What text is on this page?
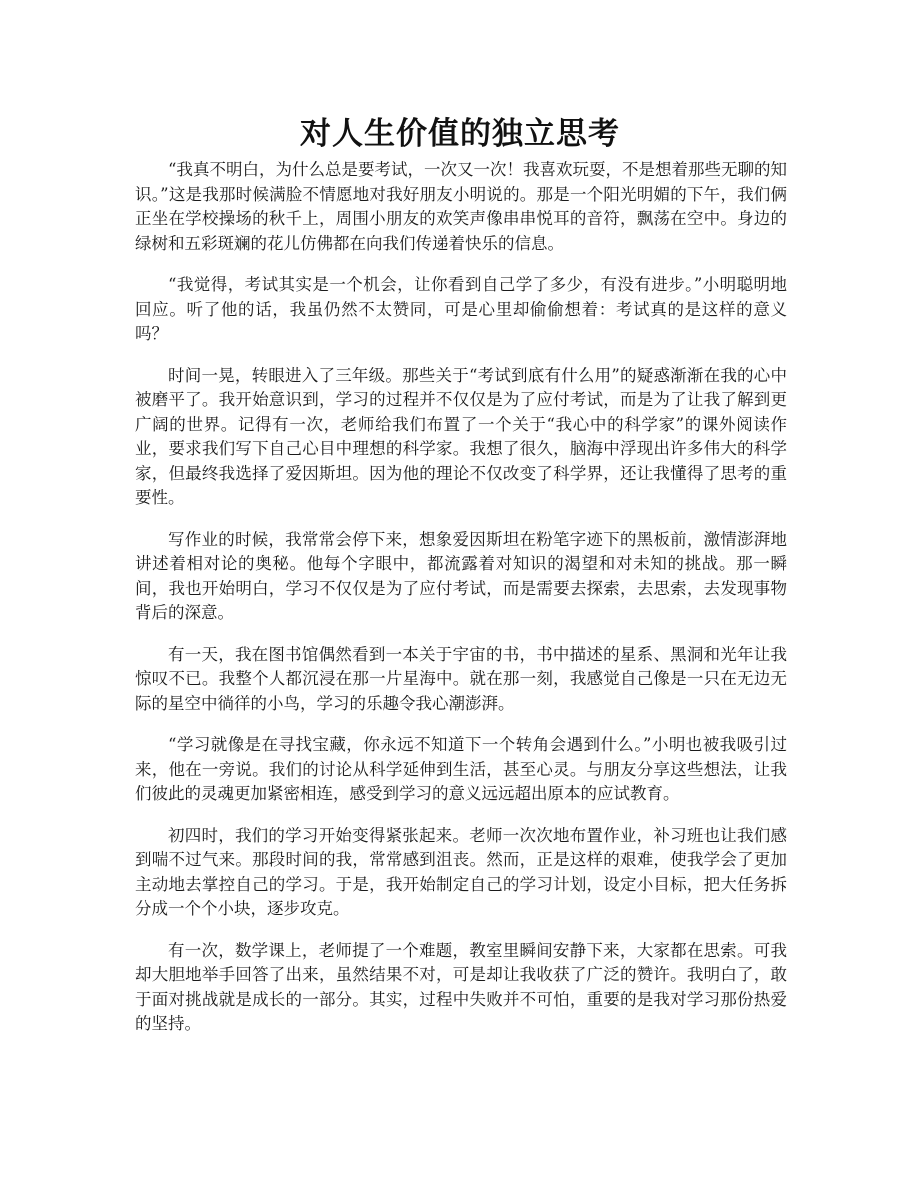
对人生价值的独立思考

“我真不明白，为什么总是要考试，一次又一次！我喜欢玩耍，不是想着那些无聊的知识。”这是我那时候满脸不情愿地对我好朋友小明说的。那是一个阳光明媚的下午，我们俩正坐在学校操场的秋千上，周围小朋友的欢笑声像串串悦耳的音符，飘荡在空中。身边的绿树和五彩斑斓的花儿仿佛都在向我们传递着快乐的信息。

“我觉得，考试其实是一个机会，让你看到自己学了多少，有没有进步。”小明聪明地回应。听了他的话，我虽仍然不太赞同，可是心里却偷偷想着：考试真的是这样的意义吗？

时间一晃，转眼进入了三年级。那些关于“考试到底有什么用”的疑惑渐渐在我的心中被磨平了。我开始意识到，学习的过程并不仅仅是为了应付考试，而是为了让我了解到更广阔的世界。记得有一次，老师给我们布置了一个关于“我心中的科学家”的课外阅读作业，要求我们写下自己心目中理想的科学家。我想了很久，脑海中浮现出许多伟大的科学家，但最终我选择了爱因斯坦。因为他的理论不仅改变了科学界，还让我懂得了思考的重要性。

写作业的时候，我常常会停下来，想象爱因斯坦在粉笔字迹下的黑板前，激情澎湃地讲述着相对论的奥秘。他每个字眼中，都流露着对知识的渴望和对未知的挑战。那一瞬间，我也开始明白，学习不仅仅是为了应付考试，而是需要去探索，去思索，去发现事物背后的深意。

有一天，我在图书馆偶然看到一本关于宇宙的书，书中描述的星系、黑洞和光年让我惊叹不已。我整个人都沉浸在那一片星海中。就在那一刻，我感觉自己像是一只在无边无际的星空中徜徉的小鸟，学习的乐趣令我心潮澎湃。

“学习就像是在寻找宝藏，你永远不知道下一个转角会遇到什么。”小明也被我吸引过来，他在一旁说。我们的讨论从科学延伸到生活，甚至心灵。与朋友分享这些想法，让我们彼此的灵魂更加紧密相连，感受到学习的意义远远超出原本的应试教育。

初四时，我们的学习开始变得紧张起来。老师一次次地布置作业，补习班也让我们感到喘不过气来。那段时间的我，常常感到沮丧。然而，正是这样的艰难，使我学会了更加主动地去掌控自己的学习。于是，我开始制定自己的学习计划，设定小目标，把大任务拆分成一个个小块，逐步攻克。

有一次，数学课上，老师提了一个难题，教室里瞬间安静下来，大家都在思索。可我却大胆地举手回答了出来，虽然结果不对，可是却让我收获了广泛的赞许。我明白了，敢于面对挑战就是成长的一部分。其实，过程中失败并不可怕，重要的是我对学习那份热爱的坚持。
